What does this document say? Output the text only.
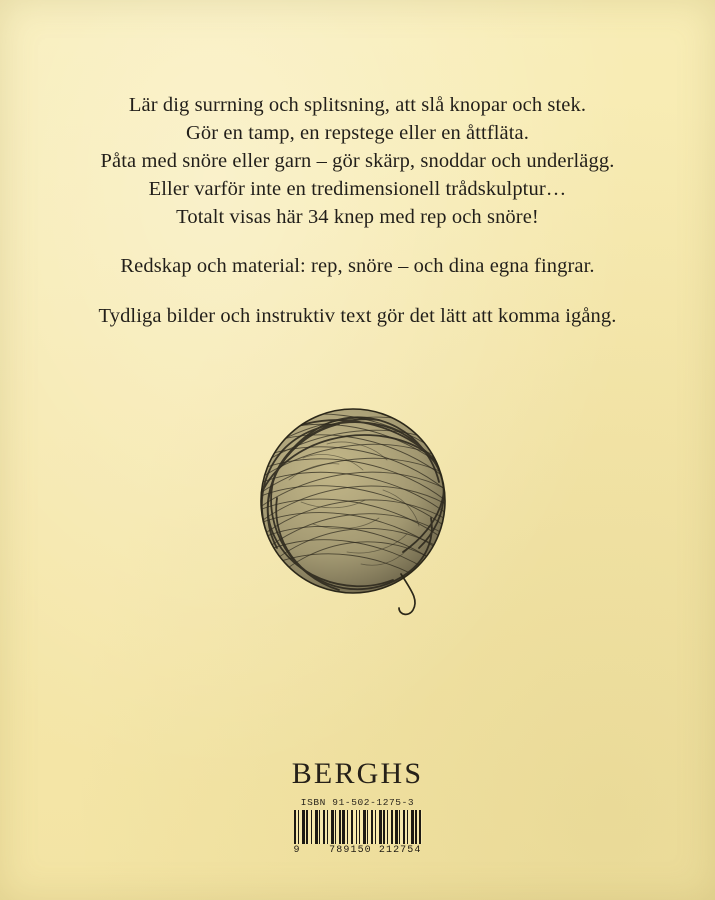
Lär dig surrning och splitsning, att slå knopar och stek.
Gör en tamp, en repstege eller en åttfläta.
Påta med snöre eller garn – gör skärp, snoddar och underlägg.
Eller varför inte en tredimensionell trådskulptur…
Totalt visas här 34 knep med rep och snöre!

Redskap och material: rep, snöre – och dina egna fingrar.

Tydliga bilder och instruktiv text gör det lätt att komma igång.

BERGHS
ISBN 91-502-1275-3
9	789150 212754
